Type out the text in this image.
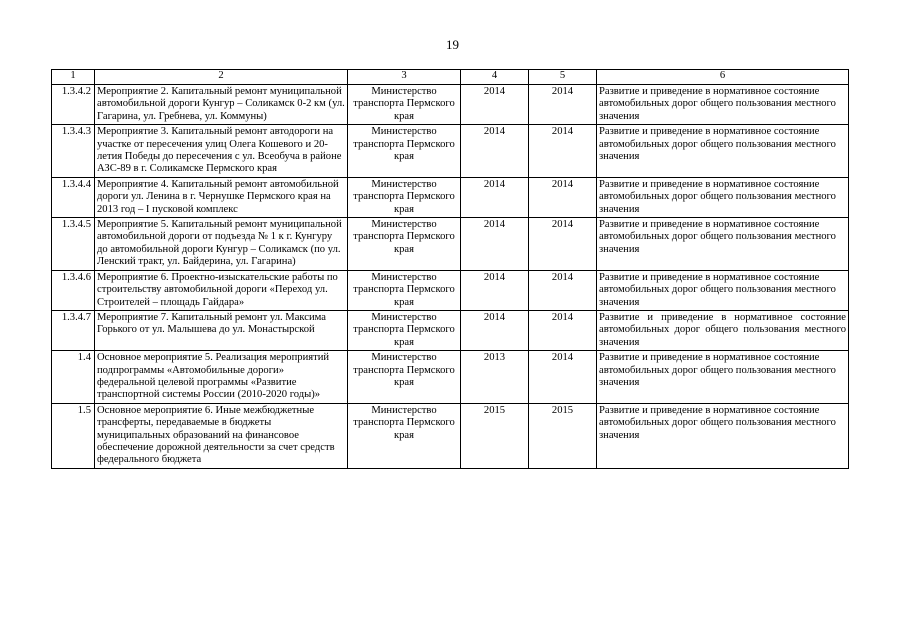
19
1	2	3	4	5	6
1.3.4.2	Мероприятие 2. Капитальный ремонт муниципальной автомобильной дороги Кунгур – Соликамск 0-2 км (ул. Гагарина, ул. Гребнева, ул. Коммуны)	Министерство транспорта Пермского края	2014	2014	Развитие и приведение в нормативное состояние автомобильных дорог общего пользования местного значения
1.3.4.3	Мероприятие 3. Капитальный ремонт автодороги на участке от пересечения улиц Олега Кошевого и 20-летия Победы до пересечения с ул. Всеобуча в районе АЗС-89 в г. Соликамске Пермского края	Министерство транспорта Пермского края	2014	2014	Развитие и приведение в нормативное состояние автомобильных дорог общего пользования местного значения
1.3.4.4	Мероприятие 4. Капитальный ремонт автомобильной дороги ул. Ленина в г. Чернушке Пермского края на 2013 год – I пусковой комплекс	Министерство транспорта Пермского края	2014	2014	Развитие и приведение в нормативное состояние автомобильных дорог общего пользования местного значения
1.3.4.5	Мероприятие 5. Капитальный ремонт муниципальной автомобильной дороги от подъезда № 1 к г. Кунгуру до автомобильной дороги Кунгур – Соликамск (по ул. Ленский тракт, ул. Байдерина, ул. Гагарина)	Министерство транспорта Пермского края	2014	2014	Развитие и приведение в нормативное состояние автомобильных дорог общего пользования местного значения
1.3.4.6	Мероприятие 6. Проектно-изыскательские работы по строительству автомобильной дороги «Переход ул. Строителей – площадь Гайдара»	Министерство транспорта Пермского края	2014	2014	Развитие и приведение в нормативное состояние автомобильных дорог общего пользования местного значения
1.3.4.7	Мероприятие 7. Капитальный ремонт ул. Максима Горького от ул. Малышева до ул. Монастырской	Министерство транспорта Пермского края	2014	2014	Развитие и приведение в нормативное состояние автомобильных дорог общего пользования местного значения
1.4	Основное мероприятие 5. Реализация мероприятий подпрограммы «Автомобильные дороги» федеральной целевой программы «Развитие транспортной системы России (2010-2020 годы)»	Министерство транспорта Пермского края	2013	2014	Развитие и приведение в нормативное состояние автомобильных дорог общего пользования местного значения
1.5	Основное мероприятие 6. Иные межбюджетные трансферты, передаваемые в бюджеты муниципальных образований на финансовое обеспечение дорожной деятельности за счет средств федерального бюджета	Министерство транспорта Пермского края	2015	2015	Развитие и приведение в нормативное состояние автомобильных дорог общего пользования местного значения
